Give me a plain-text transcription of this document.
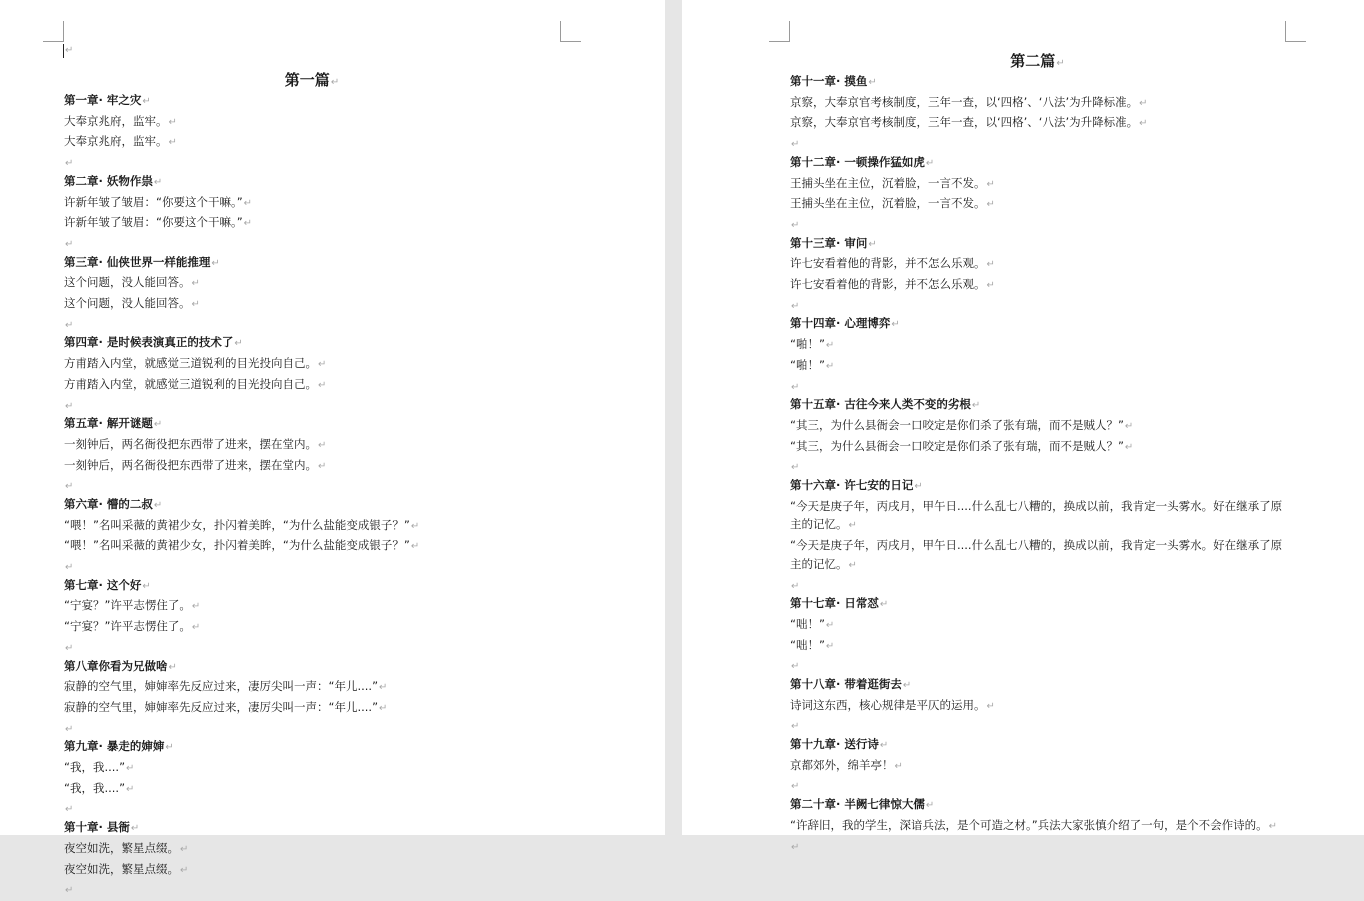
↵
第一篇↵
第一章· 牢之灾↵
大奉京兆府，监牢。↵
大奉京兆府，监牢。↵
↵
第二章· 妖物作祟↵
许新年皱了皱眉：“你要这个干嘛。”↵
许新年皱了皱眉：“你要这个干嘛。”↵
↵
第三章· 仙侠世界一样能推理↵
这个问题，没人能回答。↵
这个问题，没人能回答。↵
↵
第四章· 是时候表演真正的技术了↵
方甫踏入内堂，就感觉三道锐利的目光投向自己。↵
方甫踏入内堂，就感觉三道锐利的目光投向自己。↵
↵
第五章· 解开谜题↵
一刻钟后，两名衙役把东西带了进来，摆在堂内。↵
一刻钟后，两名衙役把东西带了进来，摆在堂内。↵
↵
第六章· 懵的二叔↵
“喂！”名叫采薇的黄裙少女，扑闪着美眸，“为什么盐能变成银子？”↵
“喂！”名叫采薇的黄裙少女，扑闪着美眸，“为什么盐能变成银子？”↵
↵
第七章· 这个好↵
“宁宴？”许平志愣住了。↵
“宁宴？”许平志愣住了。↵
↵
第八章你看为兄做啥↵
寂静的空气里，婶婶率先反应过来，凄厉尖叫一声：“年儿....”↵
寂静的空气里，婶婶率先反应过来，凄厉尖叫一声：“年儿....”↵
↵
第九章· 暴走的婶婶↵
“我，我....”↵
“我，我....”↵
↵
第十章· 县衙↵
夜空如洗，繁星点缀。↵
夜空如洗，繁星点缀。↵
↵
第二篇↵
第十一章· 摸鱼↵
京察，大奉京官考核制度，三年一查，以‘四格’、‘八法’为升降标准。↵
京察，大奉京官考核制度，三年一查，以‘四格’、‘八法’为升降标准。↵
↵
第十二章· 一顿操作猛如虎↵
王捕头坐在主位，沉着脸，一言不发。↵
王捕头坐在主位，沉着脸，一言不发。↵
↵
第十三章· 审问↵
许七安看着他的背影，并不怎么乐观。↵
许七安看着他的背影，并不怎么乐观。↵
↵
第十四章· 心理博弈↵
“啪！”↵
“啪！”↵
↵
第十五章· 古往今来人类不变的劣根↵
“其三，为什么县衙会一口咬定是你们杀了张有瑞，而不是贼人？”↵
“其三，为什么县衙会一口咬定是你们杀了张有瑞，而不是贼人？”↵
↵
第十六章· 许七安的日记↵
“今天是庚子年，丙戌月，甲午日....什么乱七八糟的，换成以前，我肯定一头雾水。好在继承了原主的记忆。↵
“今天是庚子年，丙戌月，甲午日....什么乱七八糟的，换成以前，我肯定一头雾水。好在继承了原主的记忆。↵
↵
第十七章· 日常怼↵
“咄！”↵
“咄！”↵
↵
第十八章· 带着逛街去↵
诗词这东西，核心规律是平仄的运用。↵
↵
第十九章· 送行诗↵
京都郊外，绵羊亭！↵
↵
第二十章· 半阙七律惊大儒↵
“许辞旧，我的学生，深谙兵法，是个可造之材。”兵法大家张慎介绍了一句，是个不会作诗的。↵
↵
